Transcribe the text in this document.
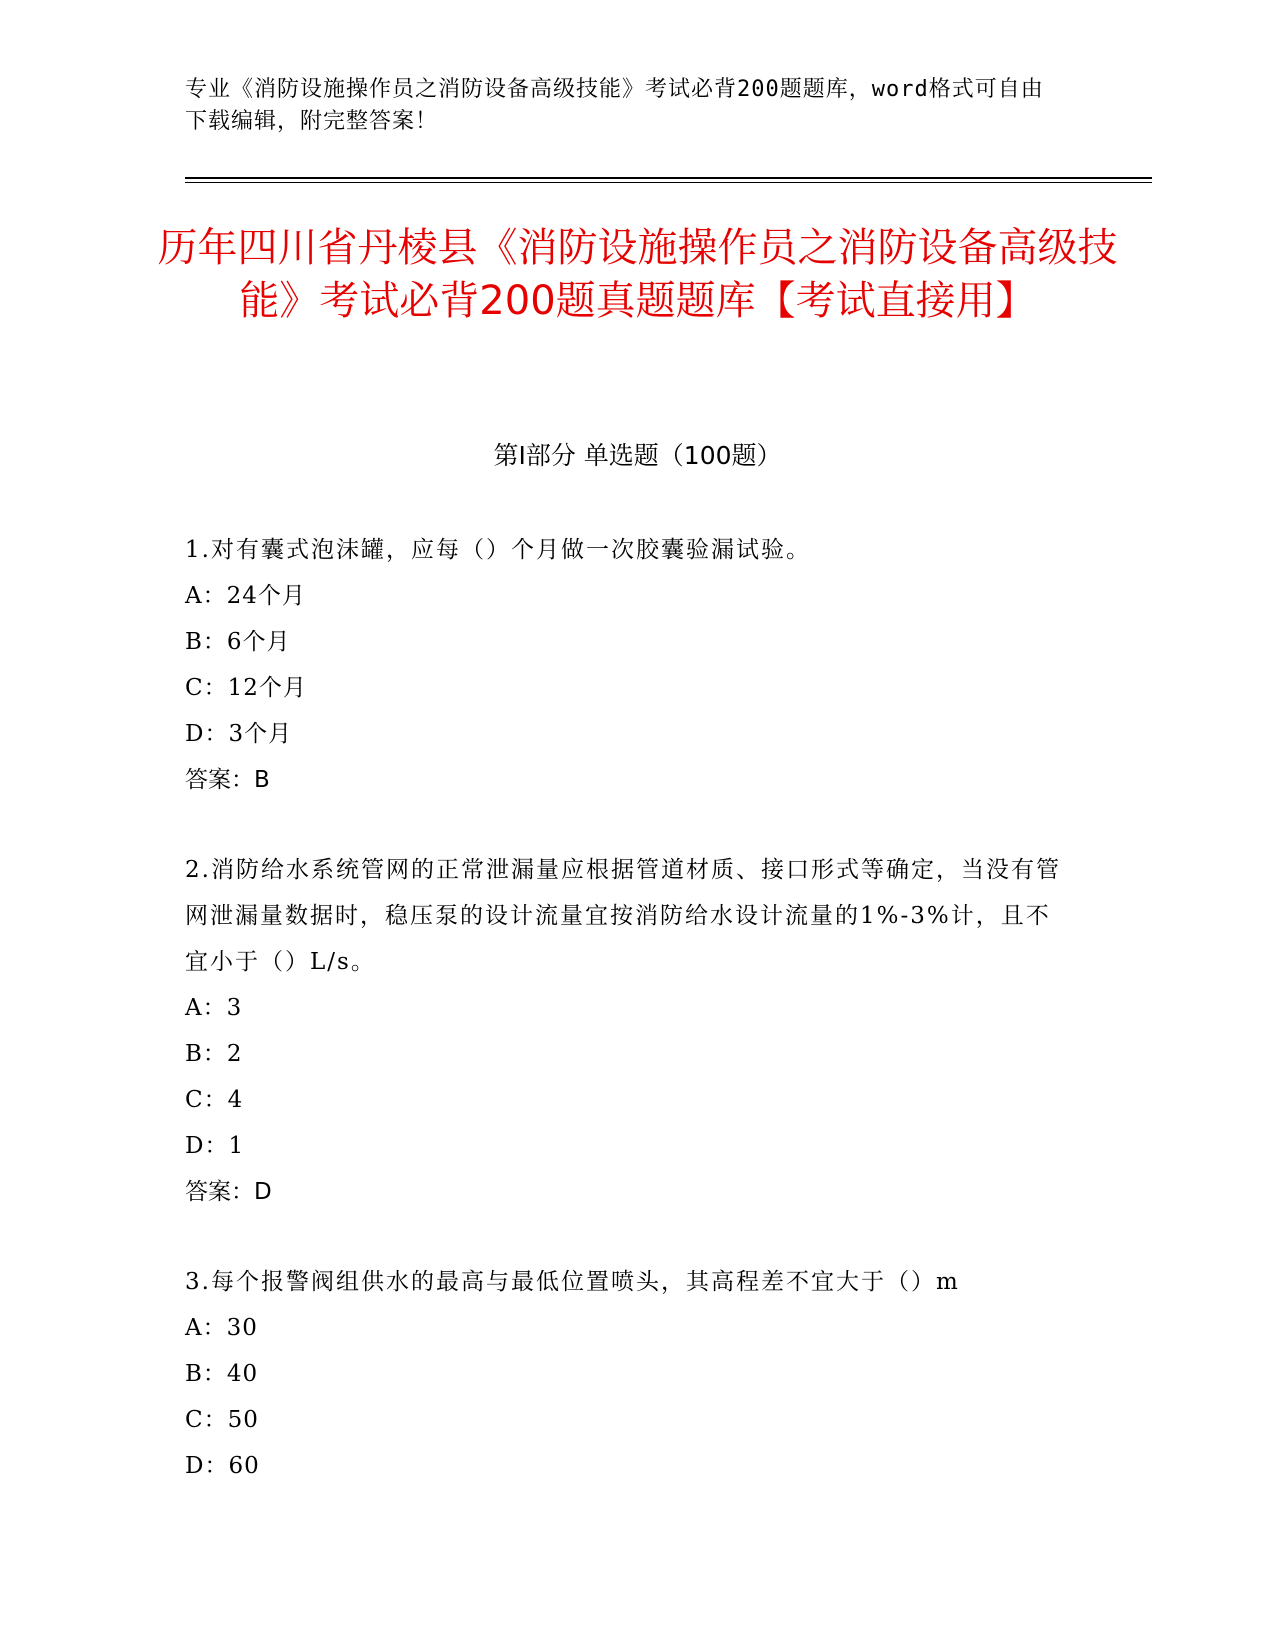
专业《消防设施操作员之消防设备高级技能》考试必背200题题库，word格式可自由下载编辑，附完整答案！
历年四川省丹棱县《消防设施操作员之消防设备高级技能》考试必背200题真题题库【考试直接用】
第I部分 单选题（100题）
1.对有囊式泡沫罐，应每（）个月做一次胶囊验漏试验。
A：24个月
B：6个月
C：12个月
D：3个月
答案：B
2.消防给水系统管网的正常泄漏量应根据管道材质、接口形式等确定，当没有管网泄漏量数据时，稳压泵的设计流量宜按消防给水设计流量的1%-3%计，且不宜小于（）L/s。
A：3
B：2
C：4
D：1
答案：D
3.每个报警阀组供水的最高与最低位置喷头，其高程差不宜大于（）m
A：30
B：40
C：50
D：60
